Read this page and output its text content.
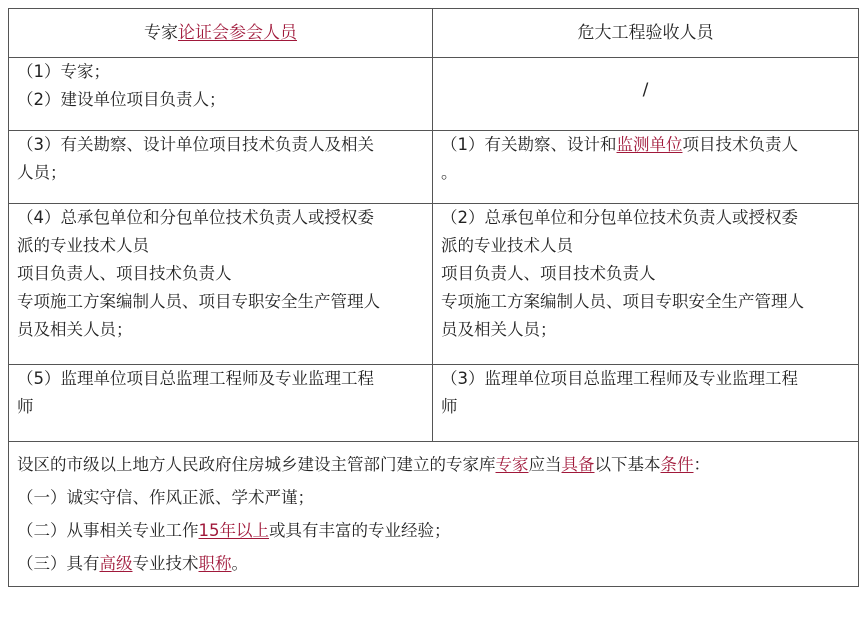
专家论证会参会人员	危大工程验收人员

（1）专家；
（2）建设单位项目负责人；	/

（3）有关勘察、设计单位项目技术负责人及相关
人员；	（1）有关勘察、设计和监测单位项目技术负责人
。

（4）总承包单位和分包单位技术负责人或授权委
派的专业技术人员
项目负责人、项目技术负责人
专项施工方案编制人员、项目专职安全生产管理人
员及相关人员；	（2）总承包单位和分包单位技术负责人或授权委
派的专业技术人员
项目负责人、项目技术负责人
专项施工方案编制人员、项目专职安全生产管理人
员及相关人员；

（5）监理单位项目总监理工程师及专业监理工程
师	（3）监理单位项目总监理工程师及专业监理工程
师

设区的市级以上地方人民政府住房城乡建设主管部门建立的专家库专家应当具备以下基本条件：
（一）诚实守信、作风正派、学术严谨；
（二）从事相关专业工作15年以上或具有丰富的专业经验；
（三）具有高级专业技术职称。	
